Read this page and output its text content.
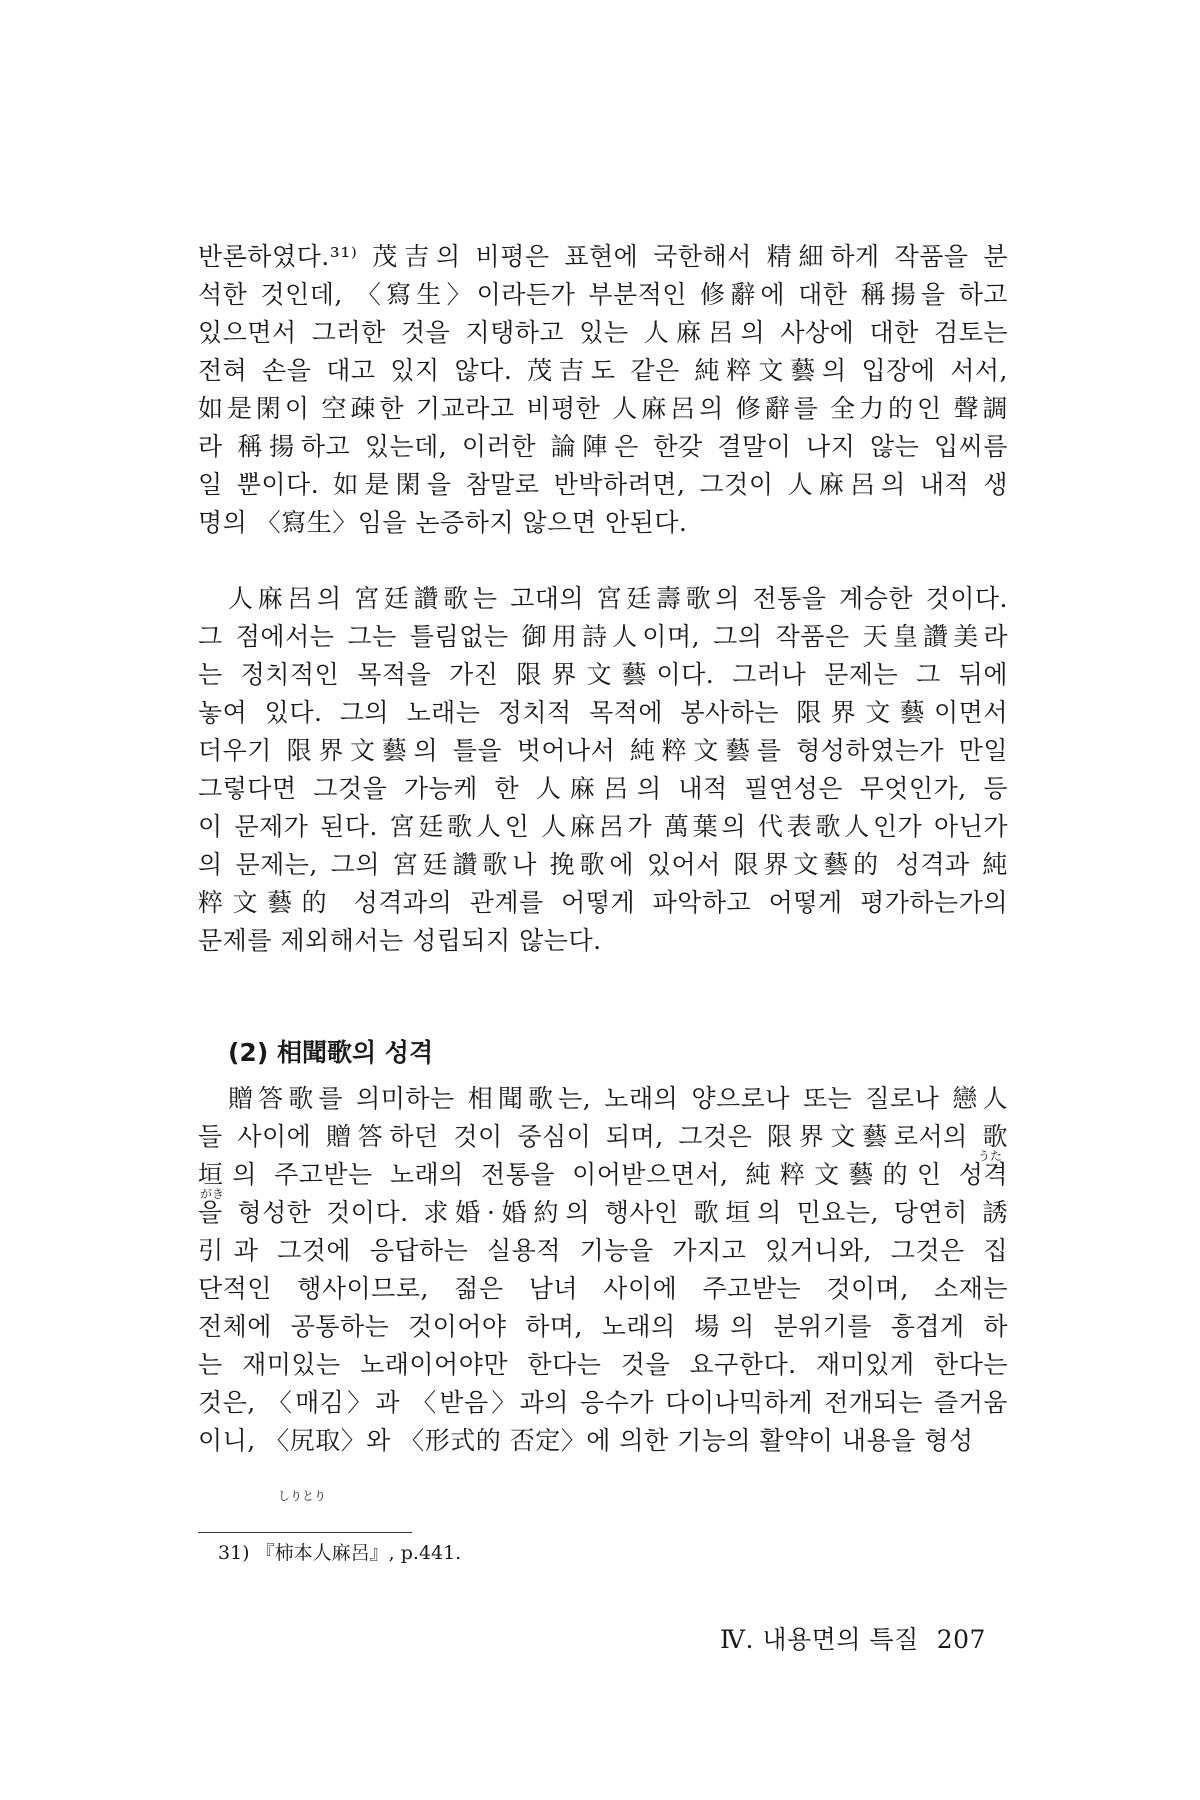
반론하였다.³¹⁾ 茂吉의 비평은 표현에 국한해서 精細하게 작품을 분
석한 것인데, 〈寫生〉이라든가 부분적인 修辭에 대한 稱揚을 하고
있으면서 그러한 것을 지탱하고 있는 人麻呂의 사상에 대한 검토는
전혀 손을 대고 있지 않다. 茂吉도 같은 純粹文藝의 입장에 서서,
如是閑이 空疎한 기교라고 비평한 人麻呂의 修辭를 全力的인 聲調
라 稱揚하고 있는데, 이러한 論陣은 한갖 결말이 나지 않는 입씨름
일 뿐이다. 如是閑을 참말로 반박하려면, 그것이 人麻呂의 내적 생
명의 〈寫生〉임을 논증하지 않으면 안된다.
人麻呂의 宮廷讚歌는 고대의 宮廷壽歌의 전통을 계승한 것이다.
그 점에서는 그는 틀림없는 御用詩人이며, 그의 작품은 天皇讚美라
는 정치적인 목적을 가진 限界文藝이다. 그러나 문제는 그 뒤에
놓여 있다. 그의 노래는 정치적 목적에 봉사하는 限界文藝이면서
더우기 限界文藝의 틀을 벗어나서 純粹文藝를 형성하였는가 만일
그렇다면 그것을 가능케 한 人麻呂의 내적 필연성은 무엇인가, 등
이 문제가 된다. 宮廷歌人인 人麻呂가 萬葉의 代表歌人인가 아닌가
의 문제는, 그의 宮廷讚歌나 挽歌에 있어서 限界文藝的 성격과 純
粹文藝的 성격과의 관계를 어떻게 파악하고 어떻게 평가하는가의
문제를 제외해서는 성립되지 않는다.
(2) 相聞歌의 성격
贈答歌를 의미하는 相聞歌는, 노래의 양으로나 또는 질로나 戀人
들 사이에 贈答하던 것이 중심이 되며, 그것은 限界文藝로서의 歌
垣의 주고받는 노래의 전통을 이어받으면서, 純粹文藝的인 성격
을 형성한 것이다. 求婚·婚約의 행사인 歌垣의 민요는, 당연히 誘
引과 그것에 응답하는 실용적 기능을 가지고 있거니와, 그것은 집
단적인 행사이므로, 젊은 남녀 사이에 주고받는 것이며, 소재는
전체에 공통하는 것이어야 하며, 노래의 場의 분위기를 흥겹게 하
는 재미있는 노래이어야만 한다는 것을 요구한다. 재미있게 한다는
것은, 〈매김〉과 〈받음〉과의 응수가 다이나믹하게 전개되는 즐거움
이니, 〈尻取〉와 〈形式的 否定〉에 의한 기능의 활약이 내용을 형성
うた
がき
しりとり
31) 『柿本人麻呂』, p.441.
Ⅳ. 내용면의 특질 207
